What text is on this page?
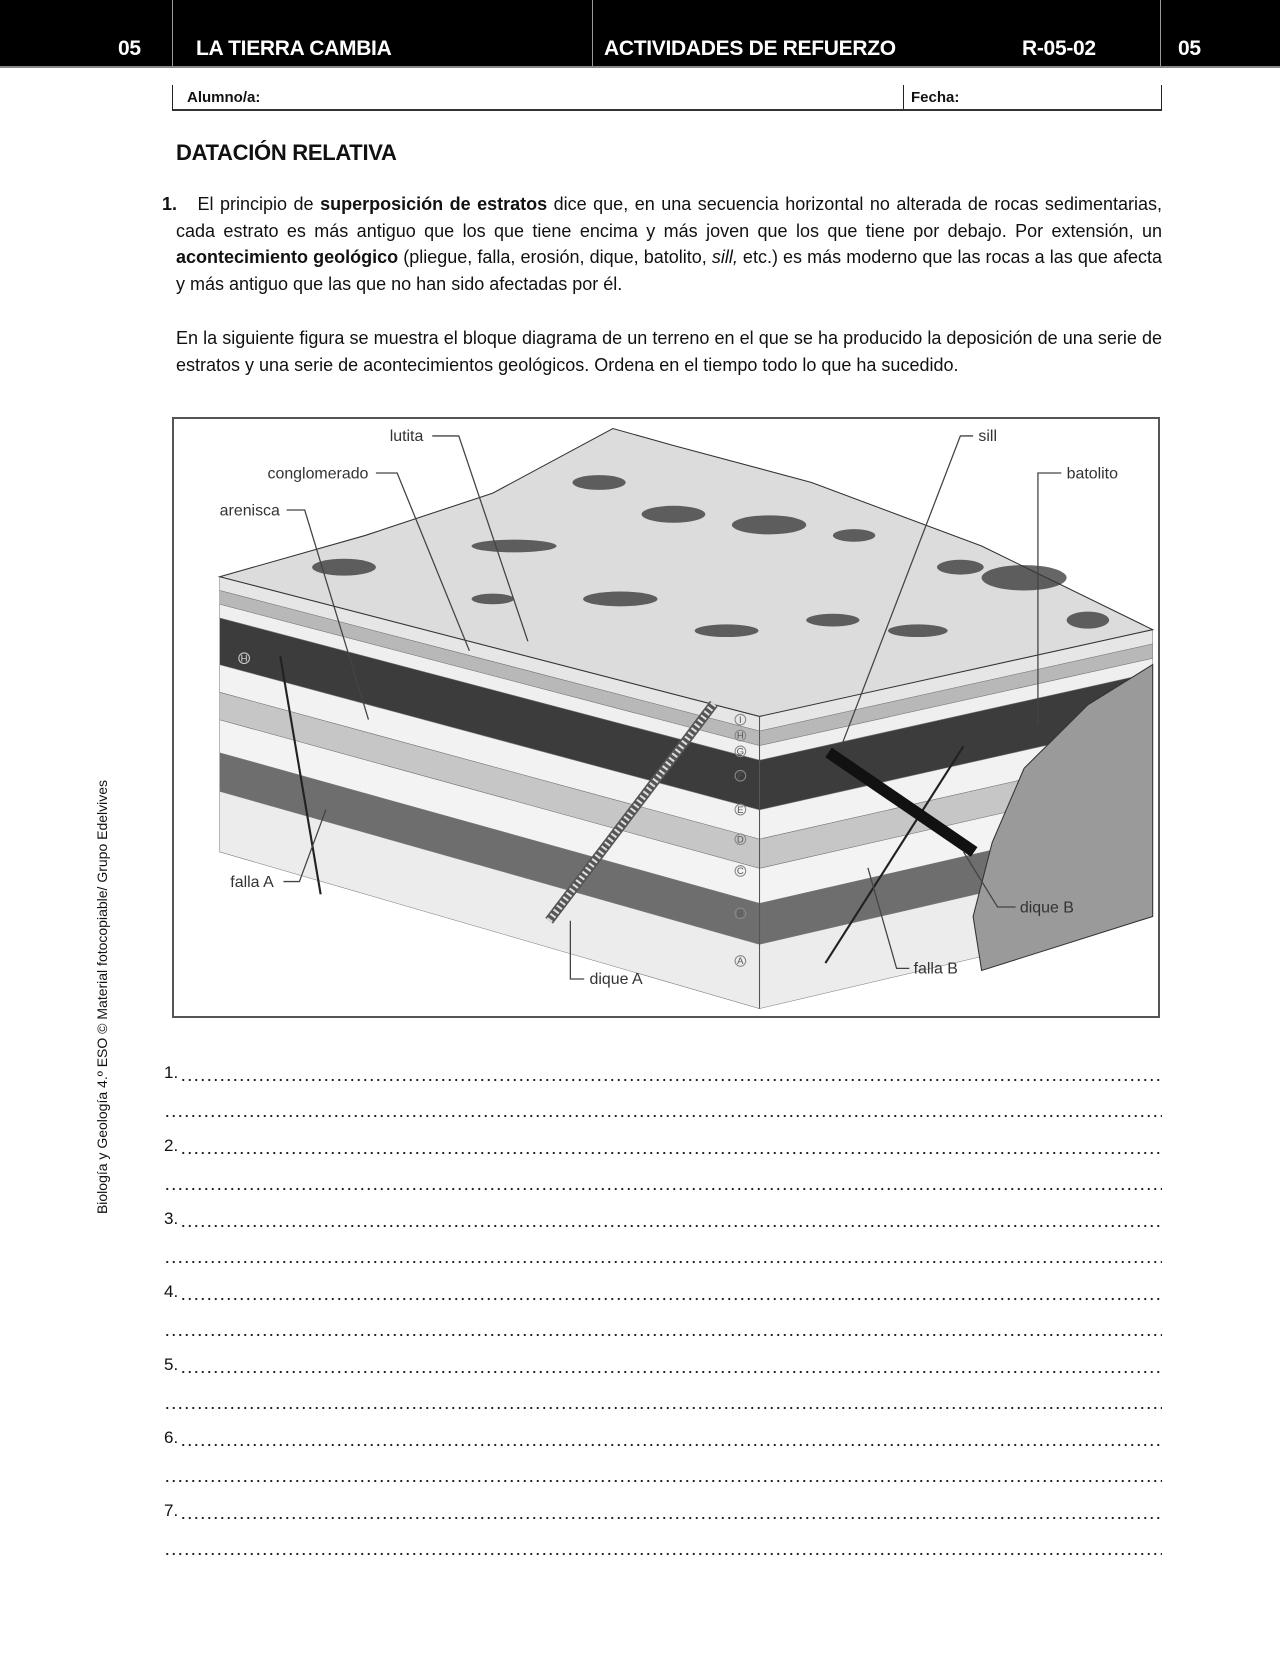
05	LA TIERRA CAMBIA	ACTIVIDADES DE REFUERZO	R-05-02	05
Alumno/a:	Fecha:
DATACIÓN RELATIVA

1. El principio de superposición de estratos dice que, en una secuencia horizontal no alterada de rocas sedimentarias, cada estrato es más antiguo que los que tiene encima y más joven que los que tiene por debajo. Por extensión, un acontecimiento geológico (pliegue, falla, erosión, dique, batolito, sill, etc.) es más moderno que las rocas a las que afecta y más antiguo que las que no han sido afectadas por él.

En la siguiente figura se muestra el bloque diagrama de un terreno en el que se ha producido la deposición de una serie de estratos y una serie de acontecimientos geológicos. Ordena en el tiempo todo lo que ha sucedido.

lutita
conglomerado
arenisca
sill
batolito
falla A
dique A
dique B
falla B
I
H
G
F
E
D
C
B
A
H
1.
2.
3.
4.
5.
6.
7.
Biología y Geología 4.º ESO © Material fotocopiable/ Grupo Edelvives
